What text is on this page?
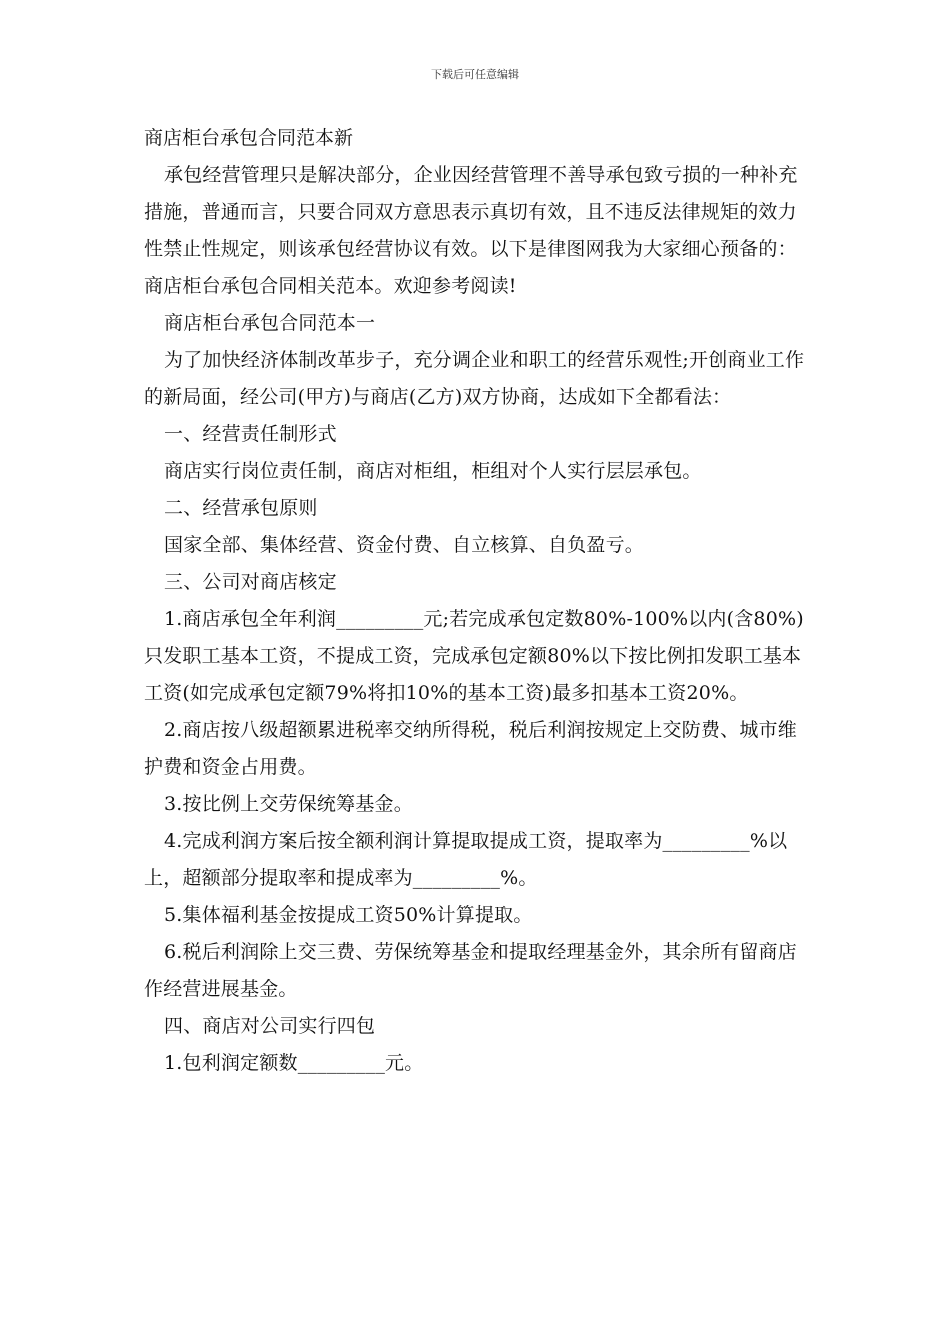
下载后可任意编辑
商店柜台承包合同范本新

承包经营管理只是解决部分，企业因经营管理不善导承包致亏损的一种补充措施，普通而言，只要合同双方意思表示真切有效，且不违反法律规矩的效力性禁止性规定，则该承包经营协议有效。以下是律图网我为大家细心预备的：商店柜台承包合同相关范本。欢迎参考阅读!

商店柜台承包合同范本一

为了加快经济体制改革步子，充分调企业和职工的经营乐观性;开创商业工作的新局面，经公司(甲方)与商店(乙方)双方协商，达成如下全都看法：

一、经营责任制形式

商店实行岗位责任制，商店对柜组，柜组对个人实行层层承包。

二、经营承包原则

国家全部、集体经营、资金付费、自立核算、自负盈亏。

三、公司对商店核定

1.商店承包全年利润_________元;若完成承包定数80%-100%以内(含80%)只发职工基本工资，不提成工资，完成承包定额80%以下按比例扣发职工基本工资(如完成承包定额79%将扣10%的基本工资)最多扣基本工资20%。

2.商店按八级超额累进税率交纳所得税，税后利润按规定上交防费、城市维护费和资金占用费。

3.按比例上交劳保统筹基金。

4.完成利润方案后按全额利润计算提取提成工资，提取率为_________%以上，超额部分提取率和提成率为_________%。

5.集体福利基金按提成工资50%计算提取。

6.税后利润除上交三费、劳保统筹基金和提取经理基金外，其余所有留商店作经营进展基金。

四、商店对公司实行四包

1.包利润定额数_________元。
